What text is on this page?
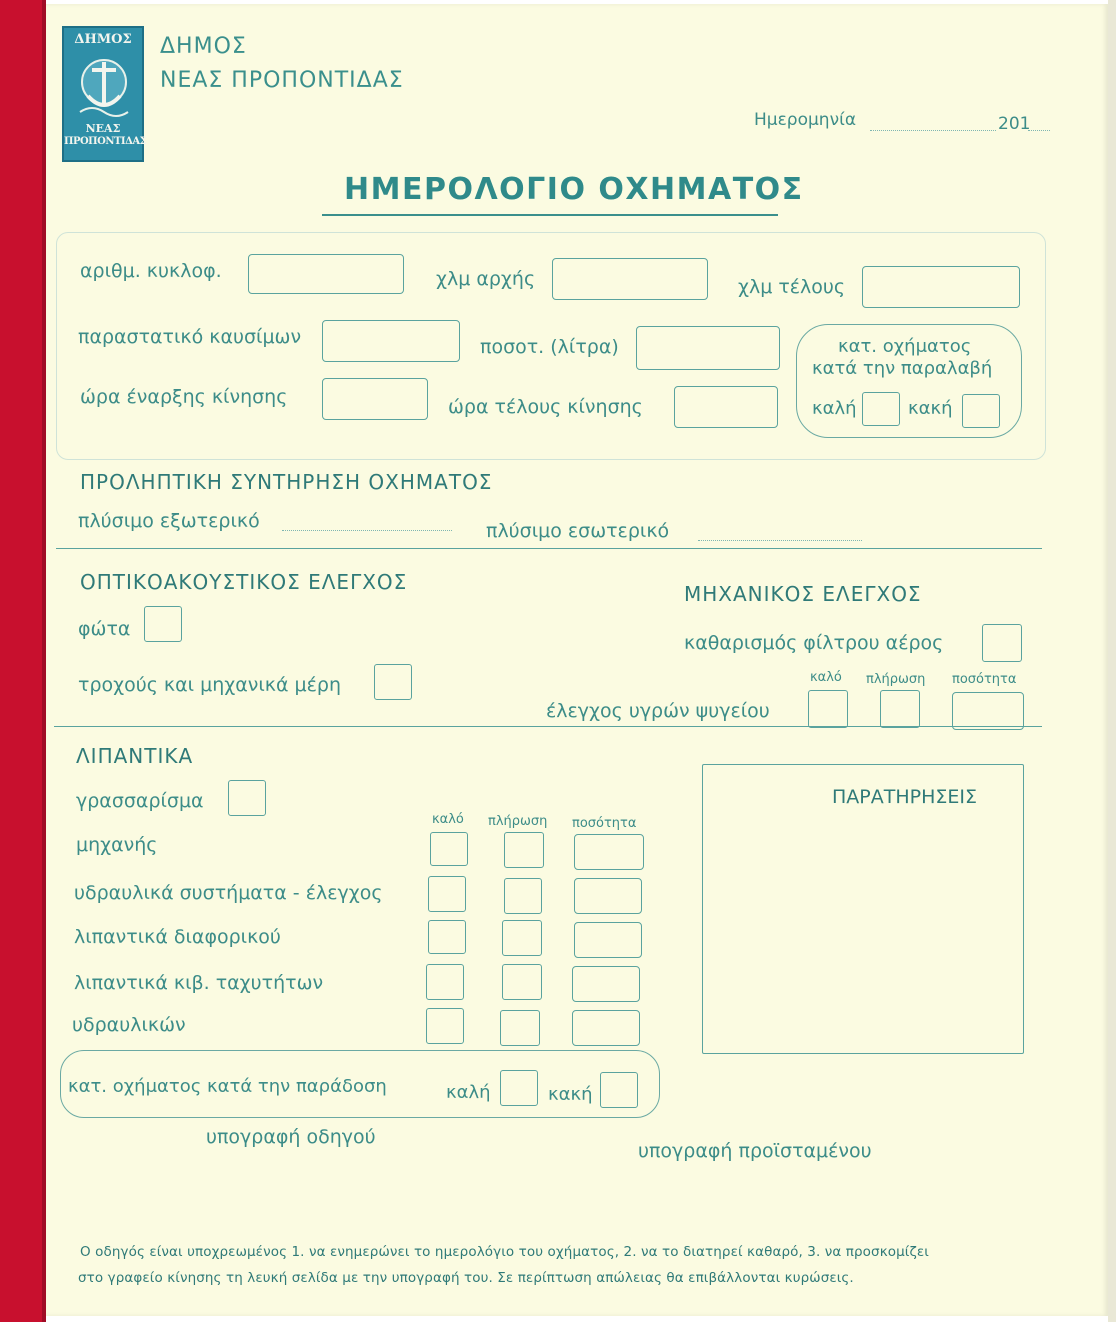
ΔΗΜΟΣ
ΝΕΑΣ
ΠΡΟΠΟΝΤΙΔΑΣ
ΔΗΜΟΣ
ΝΕΑΣ ΠΡΟΠΟΝΤΙΔΑΣ
Ημερομηνία	201
ΗΜΕΡΟΛΟΓΙΟ ΟΧΗΜΑΤΟΣ
αριθμ. κυκλοφ.	χλμ αρχής	χλμ τέλους
παραστατικό καυσίμων	ποσοτ. (λίτρα)
ώρα έναρξης κίνησης	ώρα τέλους κίνησης
κατ. οχήματος
κατά την παραλαβή
καλή	κακή
ΠΡΟΛΗΠΤΙΚΗ ΣΥΝΤΗΡΗΣΗ ΟΧΗΜΑΤΟΣ
πλύσιμο εξωτερικό	πλύσιμο εσωτερικό
ΟΠΤΙΚΟΑΚΟΥΣΤΙΚΟΣ ΕΛΕΓΧΟΣ
φώτα
τροχούς και μηχανικά μέρη
ΜΗΧΑΝΙΚΟΣ ΕΛΕΓΧΟΣ
καθαρισμός φίλτρου αέρος
καλό πλήρωση ποσότητα
έλεγχος υγρών ψυγείου
ΛΙΠΑΝΤΙΚΑ
γρασσαρίσμα
καλό πλήρωση ποσότητα
μηχανής
υδραυλικά συστήματα - έλεγχος
λιπαντικά διαφορικού
λιπαντικά κιβ. ταχυτήτων
υδραυλικών
ΠΑΡΑΤΗΡΗΣΕΙΣ
κατ. οχήματος κατά την παράδοση	καλή	κακή
υπογραφή οδηγού
υπογραφή προϊσταμένου
Ο οδηγός είναι υποχρεωμένος 1. να ενημερώνει το ημερολόγιο του οχήματος, 2. να το διατηρεί καθαρό, 3. να προσκομίζει
στο γραφείο κίνησης τη λευκή σελίδα με την υπογραφή του. Σε περίπτωση απώλειας θα επιβάλλονται κυρώσεις.
